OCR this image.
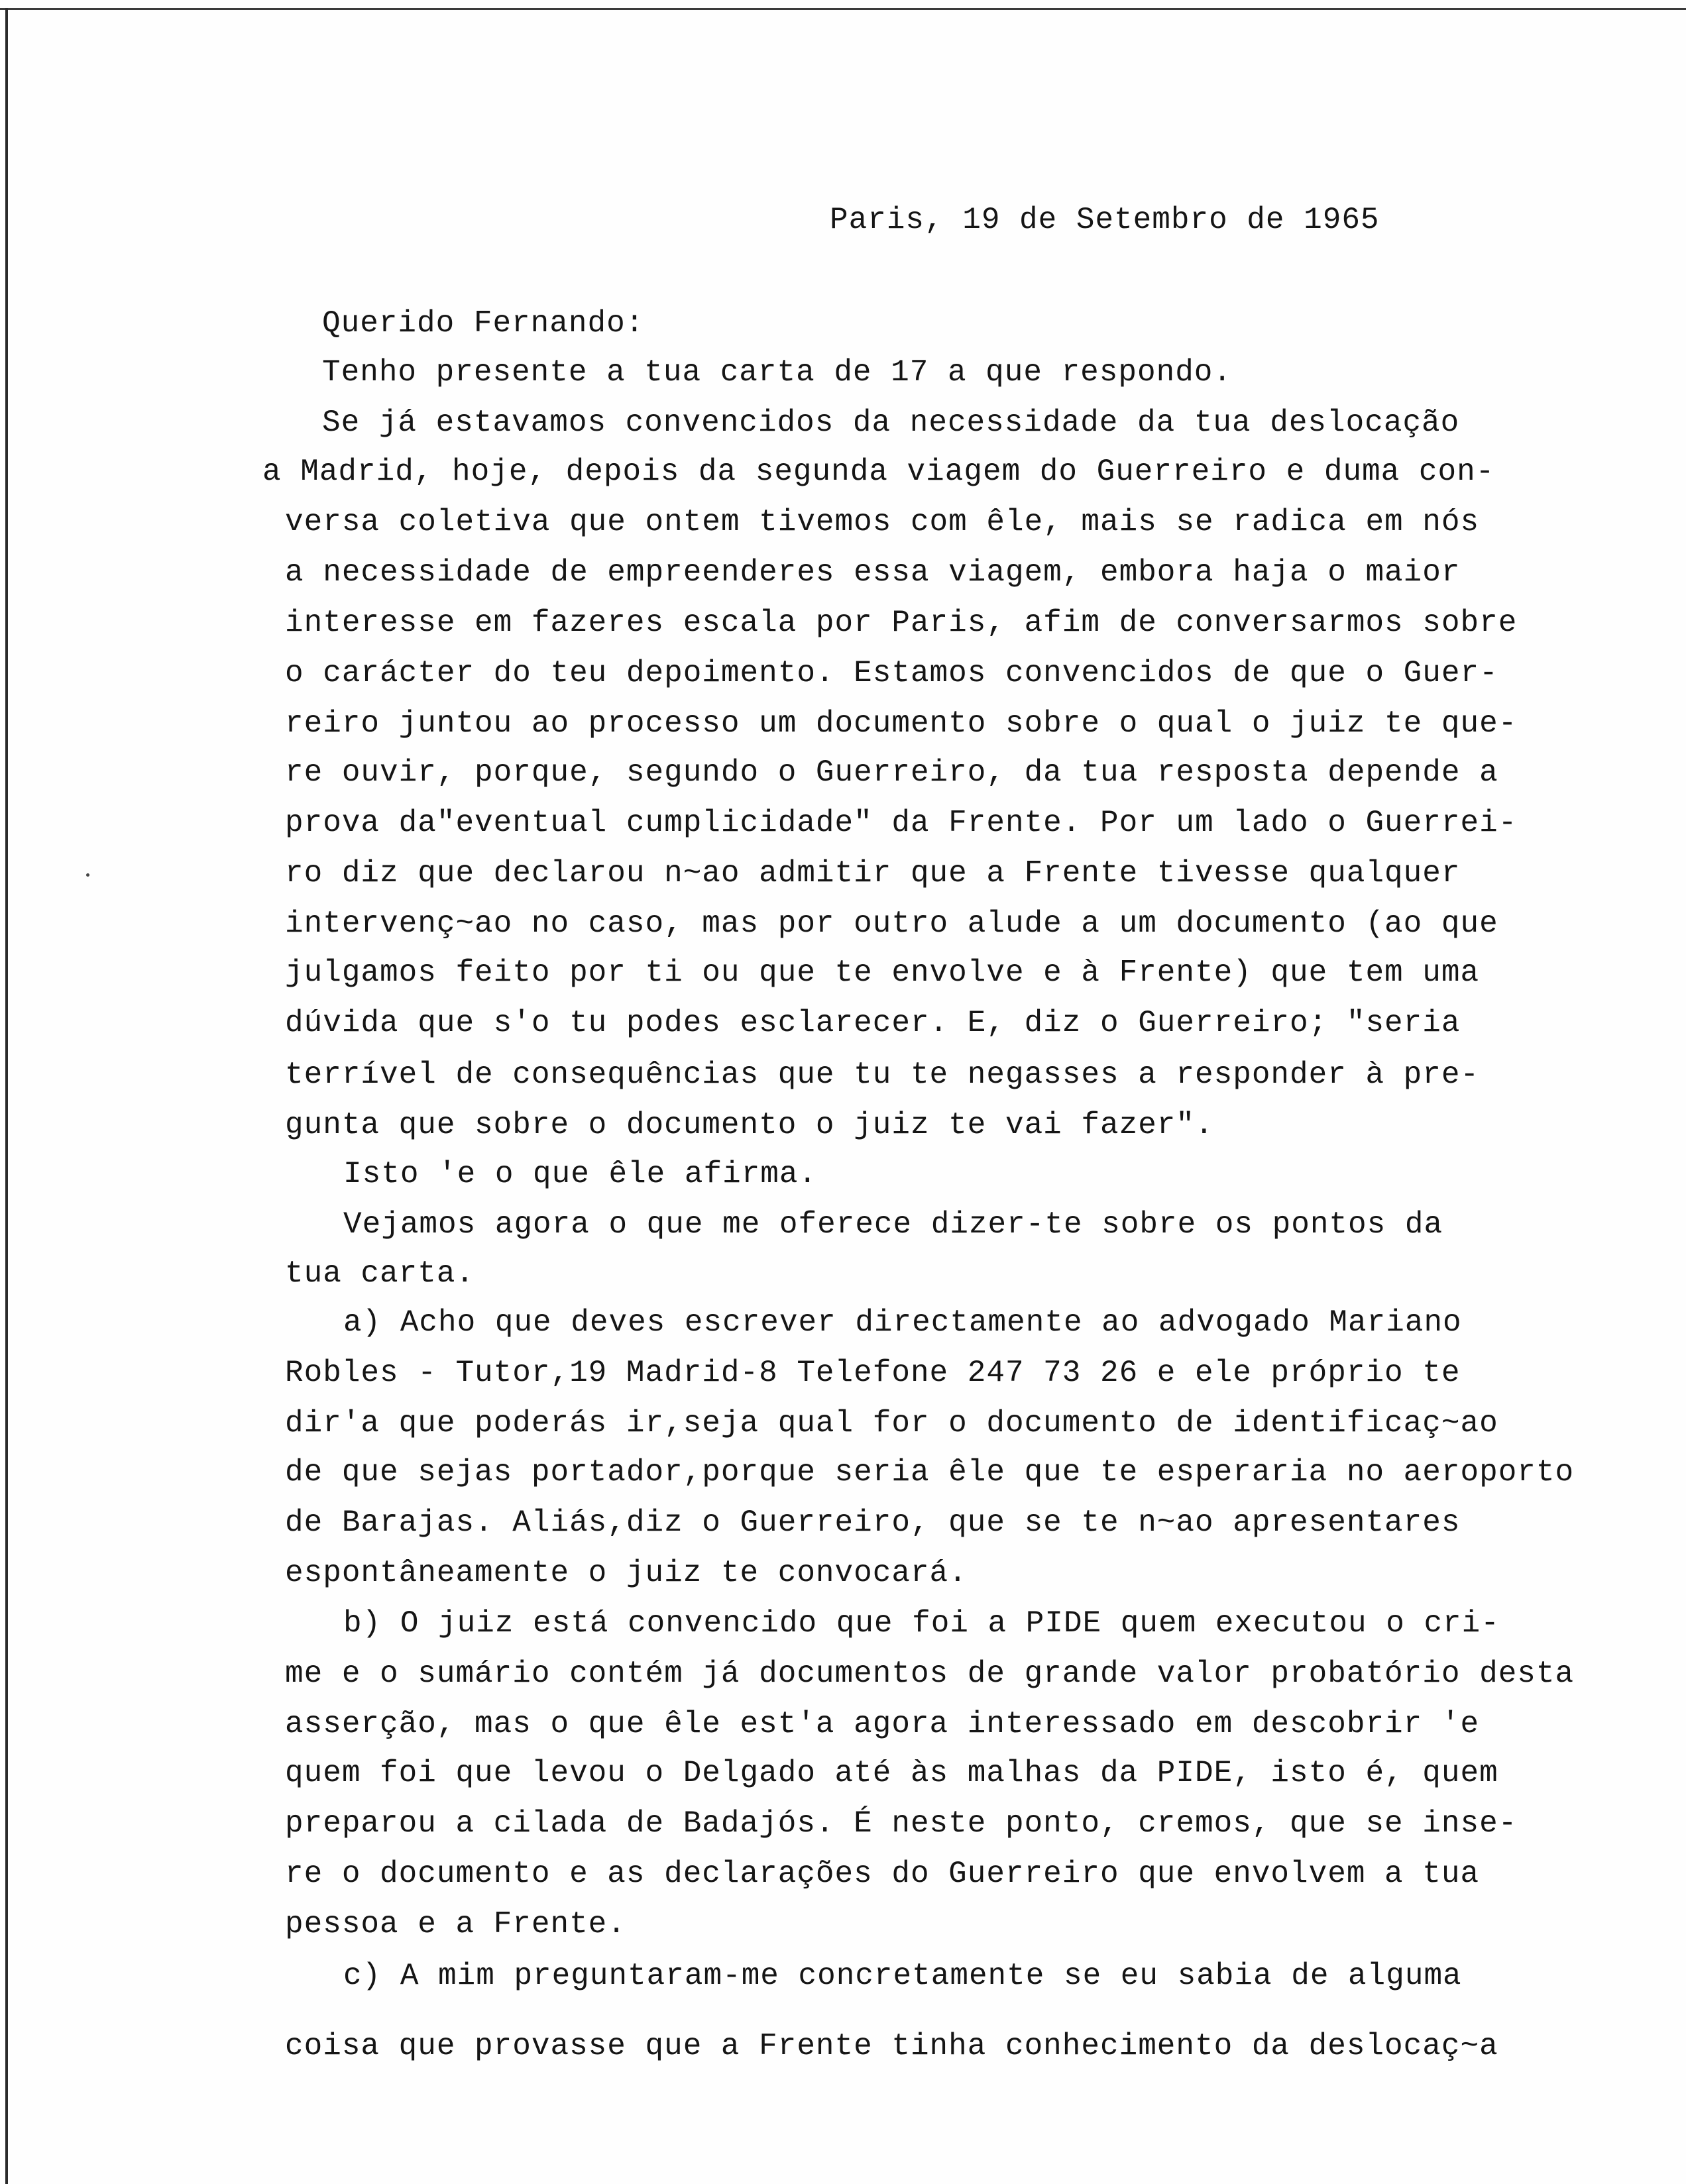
Paris, 19 de Setembro de 1965

Querido Fernando:

Tenho presente a tua carta de 17 a que respondo.

Se já estavamos convencidos da necessidade da tua deslocação

a Madrid, hoje, depois da segunda viagem do Guerreiro e duma con-

versa coletiva que ontem tivemos com êle, mais se radica em nós

a necessidade de empreenderes essa viagem, embora haja o maior

interesse em fazeres escala por Paris, afim de conversarmos sobre

o carácter do teu depoimento. Estamos convencidos de que o Guer-

reiro juntou ao processo um documento sobre o qual o juiz te que-

re ouvir, porque, segundo o Guerreiro, da tua resposta depende a

prova da"eventual cumplicidade" da Frente. Por um lado o Guerrei-

ro diz que declarou n~ao admitir que a Frente tivesse qualquer

intervenç~ao no caso, mas por outro alude a um documento (ao que

julgamos feito por ti ou que te envolve e à Frente) que tem uma

dúvida que s'o tu podes esclarecer. E, diz o Guerreiro; "seria

terrível de consequências que tu te negasses a responder à pre-

gunta que sobre o documento o juiz te vai fazer".

Isto 'e o que êle afirma.

Vejamos agora o que me oferece dizer-te sobre os pontos da

tua carta.

a) Acho que deves escrever directamente ao advogado Mariano

Robles - Tutor,19 Madrid-8 Telefone 247 73 26 e ele próprio te

dir'a que poderás ir,seja qual for o documento de identificaç~ao

de que sejas portador,porque seria êle que te esperaria no aeroporto

de Barajas. Aliás,diz o Guerreiro, que se te n~ao apresentares

espontâneamente o juiz te convocará.

b) O juiz está convencido que foi a PIDE quem executou o cri-

me e o sumário contém já documentos de grande valor probatório desta

asserção, mas o que êle est'a agora interessado em descobrir 'e

quem foi que levou o Delgado até às malhas da PIDE, isto é, quem

preparou a cilada de Badajós. É neste ponto, cremos, que se inse-

re o documento e as declarações do Guerreiro que envolvem a tua

pessoa e a Frente.

c) A mim preguntaram-me concretamente se eu sabia de alguma

coisa que provasse que a Frente tinha conhecimento da deslocaç~a
